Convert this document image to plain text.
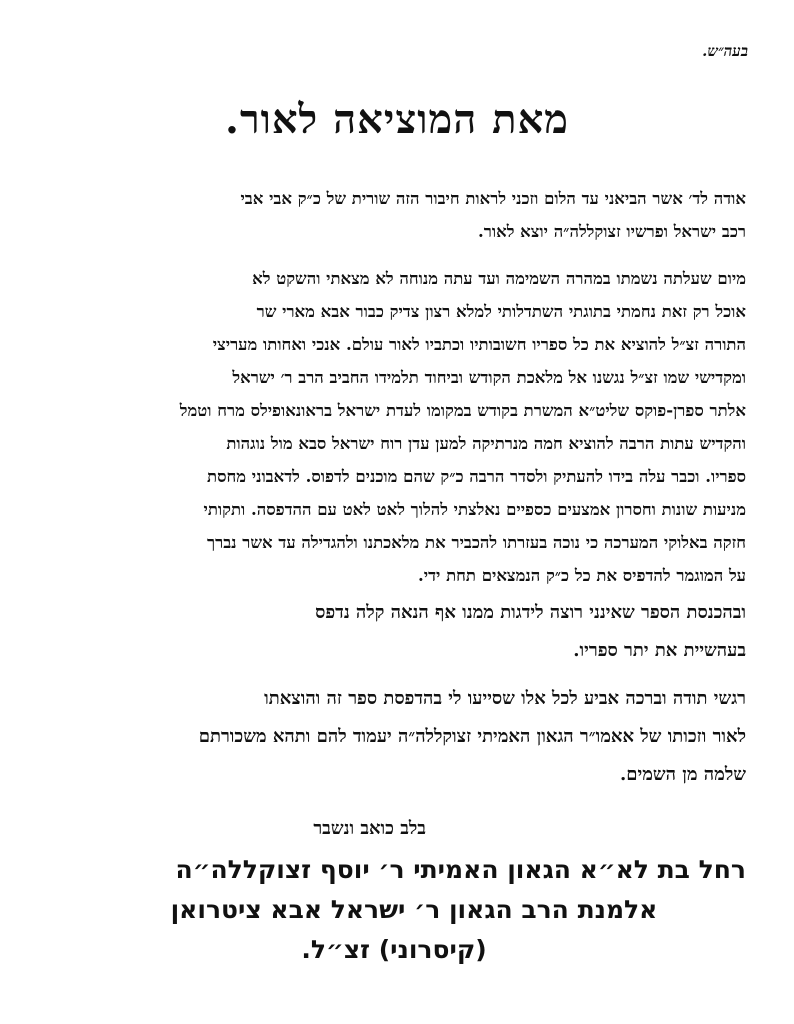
בעה״ש.
מאת המוציאה לאור.
אודה לד׳ אשר הביאני עד הלום וזכני לראות חיבור הזה שורית של כ״ק אבי אבי
רכב ישראל ופרשיו זצוקללה״ה יוצא לאור.
מיום שעלתה נשמתו במהרה השמימה ועד עתה מנוחה לא מצאתי והשקט לא
אוכל רק זאת נחמתי בתוגתי השתדלותי למלא רצון צדיק כבור אבא מארי שר
התורה זצ״ל להוציא את כל ספריו חשובותיו וכתביו לאור עולם. אנכי ואחותו מעריצי
ומקדישי שמו זצ״ל נגשנו אל מלאכת הקודש וביחוד תלמידו החביב הרב ר׳ ישראל
אלתר ספרן-פוקס שליט״א המשרת בקודש במקומו לעדת ישראל בראונאופילס מרח וטמל
והקדיש עתות הרבה להוציא חמה מנרתיקה למען עדן רוח ישראל סבא מול נוגהות
ספריו. וכבר עלה בידו להעתיק ולסדר הרבה כ״ק שהם מוכנים לדפוס. לדאבוני מחסת
מניעות שונות וחסרון אמצעים כספיים נאלצתי להלוך לאט לאט עם ההדפסה. ותקותי
חזקה באלוקי המערכה כי נוכה בעזרתו להכביר את מלאכתנו ולהגדילה עד אשר נברך
על המוגמר להדפיס את כל כ״ק הנמצאים תחת ידי.
ובהכנסת הספר שאינני רוצה לידגות ממנו אף הנאה קלה נדפס
בעהשיית את יתר ספריו.
רגשי תודה וברכה אביע לכל אלו שסייעו לי בהדפסת ספר זה והוצאתו
לאור וזכותו של אאמו״ר הגאון האמיתי זצוקללה״ה יעמוד להם ותהא משכורתם
שלמה מן השמים.
בלב כואב ונשבר
רחל בת לא״א הגאון האמיתי ר׳ יוסף זצוקללה״ה
אלמנת הרב הגאון ר׳ ישראל אבא ציטרואן
(קיסרוני) זצ״ל.
